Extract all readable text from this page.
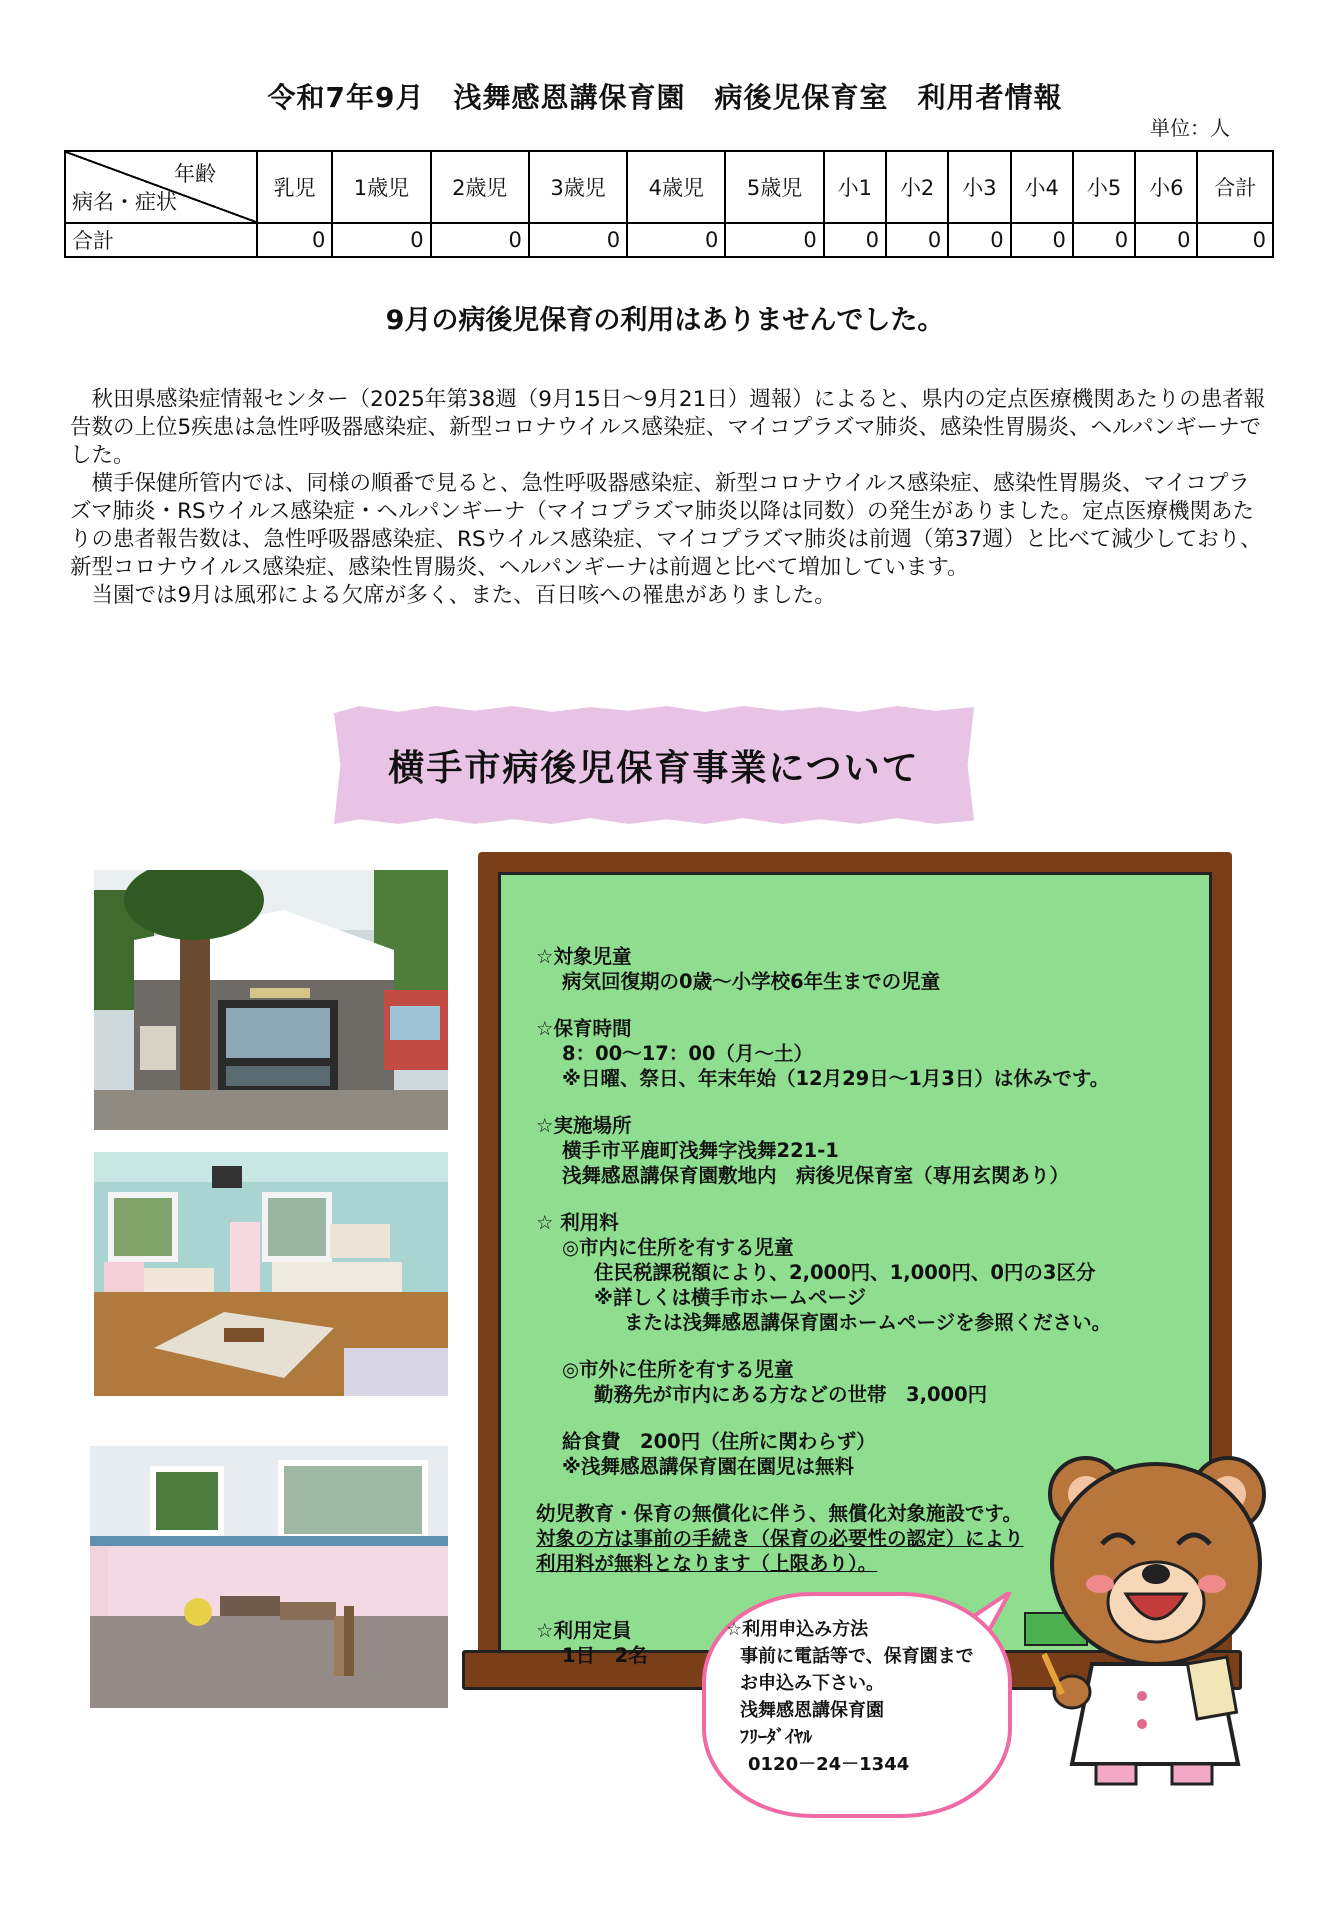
令和7年9月　浅舞感恩講保育園　病後児保育室　利用者情報
単位：人
年齢
病名・症状	乳児	1歳児	2歳児	3歳児	4歳児	5歳児	小1	小2	小3	小4	小5	小6	合計
合計	0	0	0	0	0	0	0	0	0	0	0	0	0
9月の病後児保育の利用はありませんでした。

秋田県感染症情報センター（2025年第38週（9月15日～9月21日）週報）によると、県内の定点医療機関あたりの患者報告数の上位5疾患は急性呼吸器感染症、新型コロナウイルス感染症、マイコプラズマ肺炎、感染性胃腸炎、ヘルパンギーナでした。

横手保健所管内では、同様の順番で見ると、急性呼吸器感染症、新型コロナウイルス感染症、感染性胃腸炎、マイコプラズマ肺炎・RSウイルス感染症・ヘルパンギーナ（マイコプラズマ肺炎以降は同数）の発生がありました。定点医療機関あたりの患者報告数は、急性呼吸器感染症、RSウイルス感染症、マイコプラズマ肺炎は前週（第37週）と比べて減少しており、新型コロナウイルス感染症、感染性胃腸炎、ヘルパンギーナは前週と比べて増加しています。

当園では9月は風邪による欠席が多く、また、百日咳への罹患がありました。

横手市病後児保育事業について
☆対象児童
病気回復期の0歳～小学校6年生までの児童
☆保育時間
8：00～17：00（月～土）
※日曜、祭日、年末年始（12月29日～1月3日）は休みです。
☆実施場所
横手市平鹿町浅舞字浅舞221-1
浅舞感恩講保育園敷地内　病後児保育室（専用玄関あり）
☆ 利用料
◎市内に住所を有する児童
住民税課税額により、2,000円、1,000円、0円の3区分
※詳しくは横手市ホームページ
または浅舞感恩講保育園ホームページを参照ください。
◎市外に住所を有する児童
勤務先が市内にある方などの世帯　3,000円
給食費　200円（住所に関わらず）
※浅舞感恩講保育園在園児は無料
幼児教育・保育の無償化に伴う、無償化対象施設です。
対象の方は事前の手続き（保育の必要性の認定）により
利用料が無料となります（上限あり）。
☆利用定員
1日　2名
☆利用申込み方法
事前に電話等で、保育園まで
お申込み下さい。
浅舞感恩講保育園
ﾌﾘｰﾀﾞｲﾔﾙ
0120－24－1344
